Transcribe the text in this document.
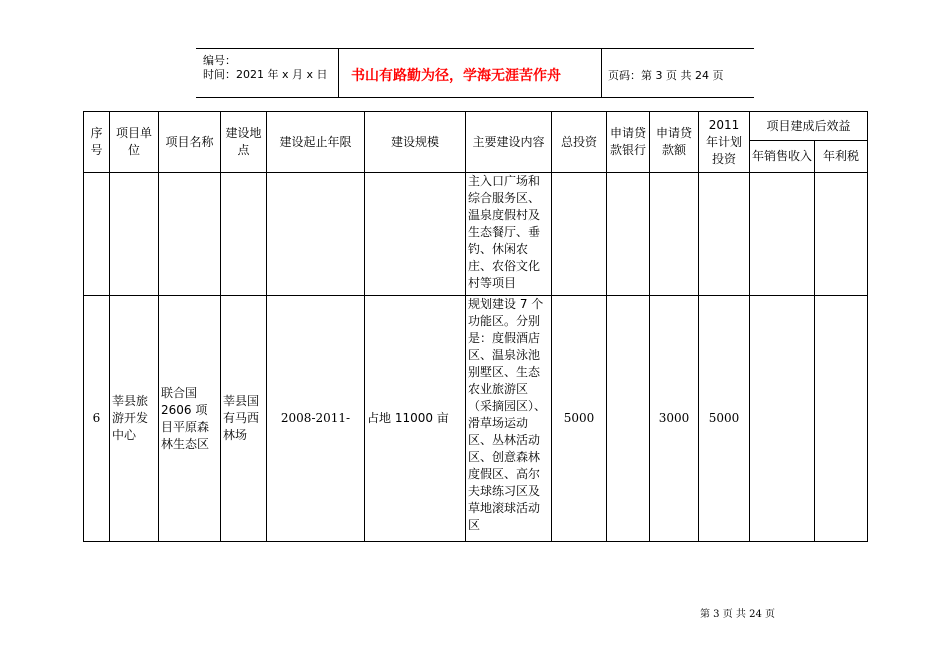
编号：
时间：2021 年 x 月 x 日 书山有路勤为径，学海无涯苦作舟	页码：第 3 页 共 24 页
序号	项目单位	项目名称	建设地点	建设起止年限	建设规模	主要建设内容	总投资	申请贷款银行	申请贷款额	2011 年计划投资	项目建成后效益	
											年销售收入	年利税
						主入口广场和综合服务区、温泉度假村及生态餐厅、垂钓、休闲农庄、农俗文化村等项目						
6	莘县旅游开发中心	联合国 2606 项目平原森林生态区	莘县国有马西林场	2008-2011-	占地 11000 亩	规划建设 7 个功能区。分别是：度假酒店区、温泉泳池别墅区、生态农业旅游区（采摘园区）、滑草场运动区、丛林活动区、创意森林度假区、高尔夫球练习区及草地滚球活动区	5000		3000	5000		
第 3 页 共 24 页
